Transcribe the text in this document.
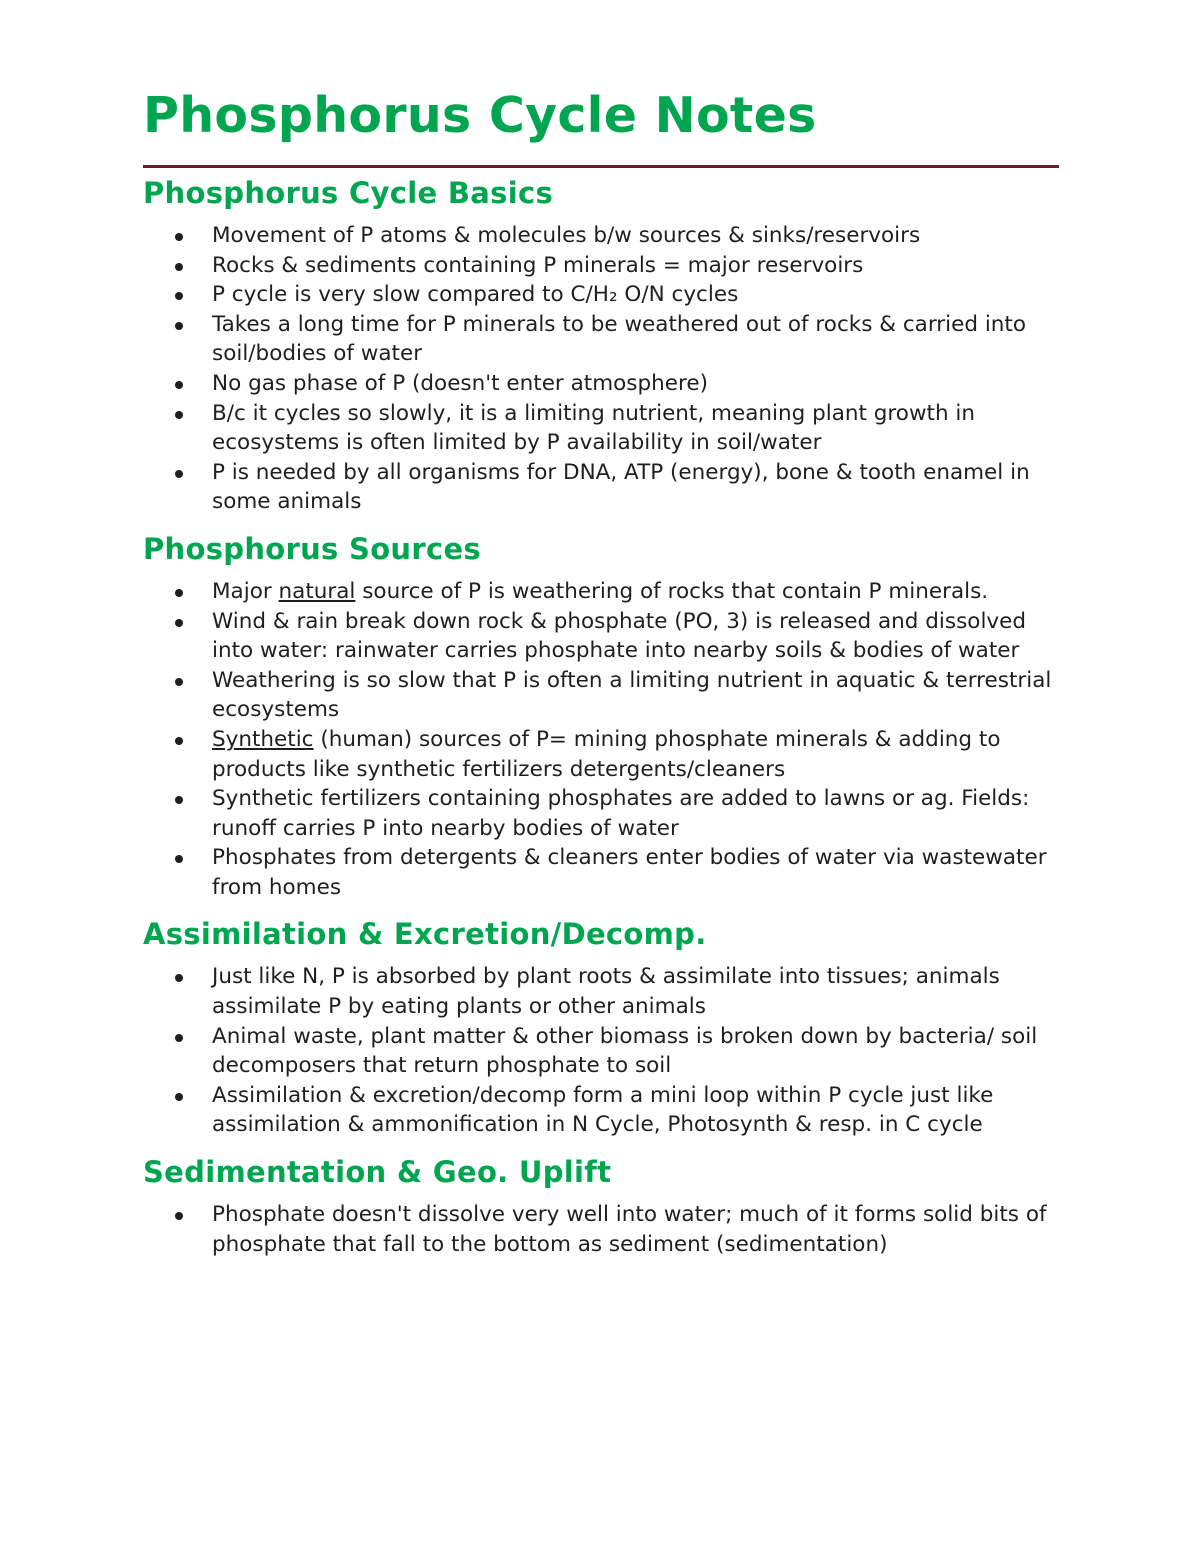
Phosphorus Cycle Notes
Phosphorus Cycle Basics
Movement of P atoms & molecules b/w sources & sinks/reservoirs
Rocks & sediments containing P minerals = major reservoirs
P cycle is very slow compared to C/H₂ O/N cycles
Takes a long time for P minerals to be weathered out of rocks & carried into soil/bodies of water
No gas phase of P (doesn't enter atmosphere)
B/c it cycles so slowly, it is a limiting nutrient, meaning plant growth in ecosystems is often limited by P availability in soil/water
P is needed by all organisms for DNA, ATP (energy), bone & tooth enamel in some animals
Phosphorus Sources
Major natural source of P is weathering of rocks that contain P minerals.
Wind & rain break down rock & phosphate (PO, 3) is released and dissolved into water: rainwater carries phosphate into nearby soils & bodies of water
Weathering is so slow that P is often a limiting nutrient in aquatic & terrestrial ecosystems
Synthetic (human) sources of P= mining phosphate minerals & adding to products like synthetic fertilizers detergents/cleaners
Synthetic fertilizers containing phosphates are added to lawns or ag. Fields: runoff carries P into nearby bodies of water
Phosphates from detergents & cleaners enter bodies of water via wastewater from homes
Assimilation & Excretion/Decomp.
Just like N, P is absorbed by plant roots & assimilate into tissues; animals assimilate P by eating plants or other animals
Animal waste, plant matter & other biomass is broken down by bacteria/ soil decomposers that return phosphate to soil
Assimilation & excretion/decomp form a mini loop within P cycle just like assimilation & ammonification in N Cycle, Photosynth & resp. in C cycle
Sedimentation & Geo. Uplift
Phosphate doesn't dissolve very well into water; much of it forms solid bits of phosphate that fall to the bottom as sediment (sedimentation)
